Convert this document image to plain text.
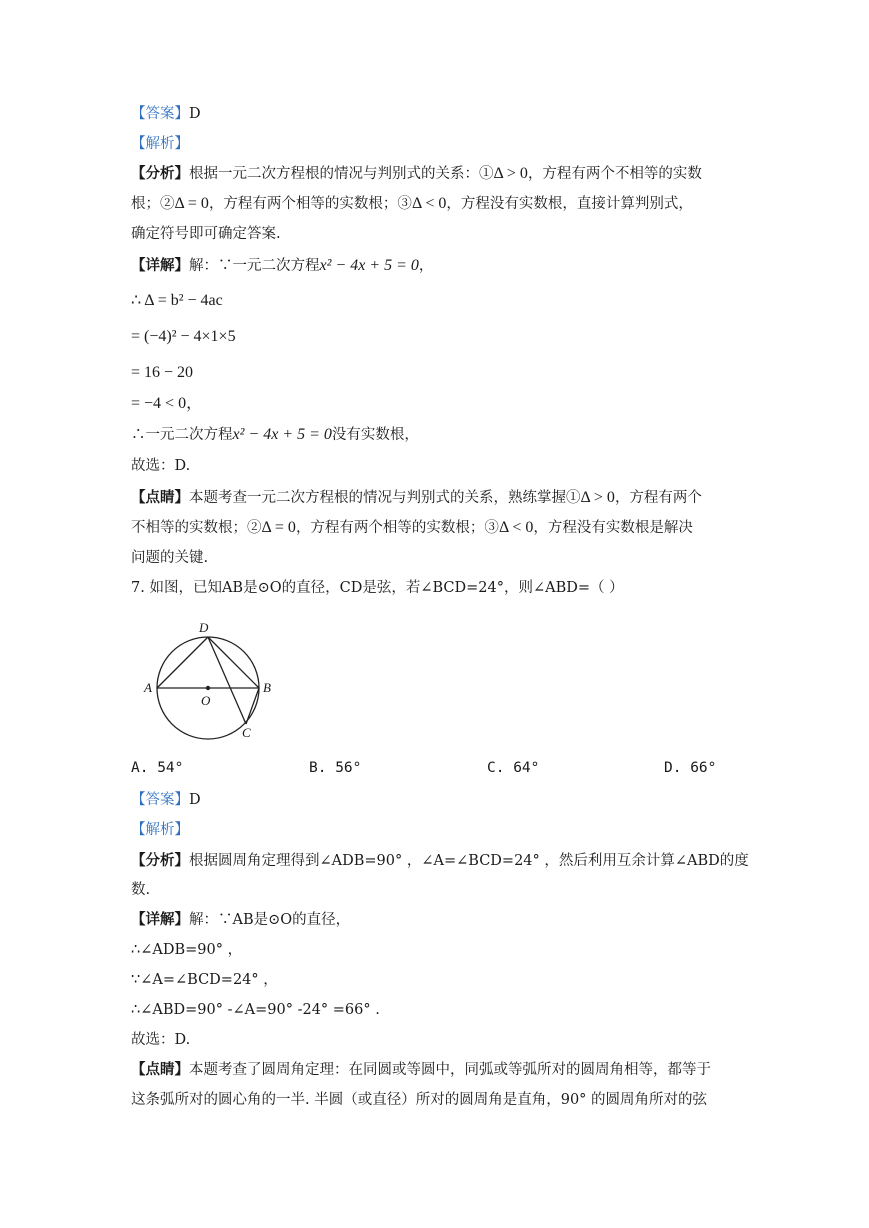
【答案】D
【解析】
【分析】根据一元二次方程根的情况与判别式的关系：①Δ > 0，方程有两个不相等的实数
根；②Δ = 0，方程有两个相等的实数根；③Δ < 0，方程没有实数根，直接计算判别式，
确定符号即可确定答案.
【详解】解：∵一元二次方程x² − 4x + 5 = 0，
∴ Δ = b² − 4ac
= (−4)² − 4×1×5
= 16 − 20
= −4 < 0，
∴一元二次方程x² − 4x + 5 = 0没有实数根，
故选：D.
【点睛】本题考查一元二次方程根的情况与判别式的关系，熟练掌握①Δ > 0，方程有两个
不相等的实数根；②Δ = 0，方程有两个相等的实数根；③Δ < 0，方程没有实数根是解决
问题的关键.
7. 如图，已知AB是⊙O的直径，CD是弦，若∠BCD=24°，则∠ABD=（ ）
A	B
C
D
O
A. 54°	B. 56°	C. 64°	D. 66°
【答案】D
【解析】
【分析】根据圆周角定理得到∠ADB=90° ，∠A=∠BCD=24° ，然后利用互余计算∠ABD的度
数.
【详解】解：∵AB是⊙O的直径，
∴∠ADB=90° ，
∵∠A=∠BCD=24° ，
∴∠ABD=90° -∠A=90° -24° =66° .
故选：D.
【点睛】本题考查了圆周角定理：在同圆或等圆中，同弧或等弧所对的圆周角相等，都等于
这条弧所对的圆心角的一半. 半圆（或直径）所对的圆周角是直角，90° 的圆周角所对的弦
